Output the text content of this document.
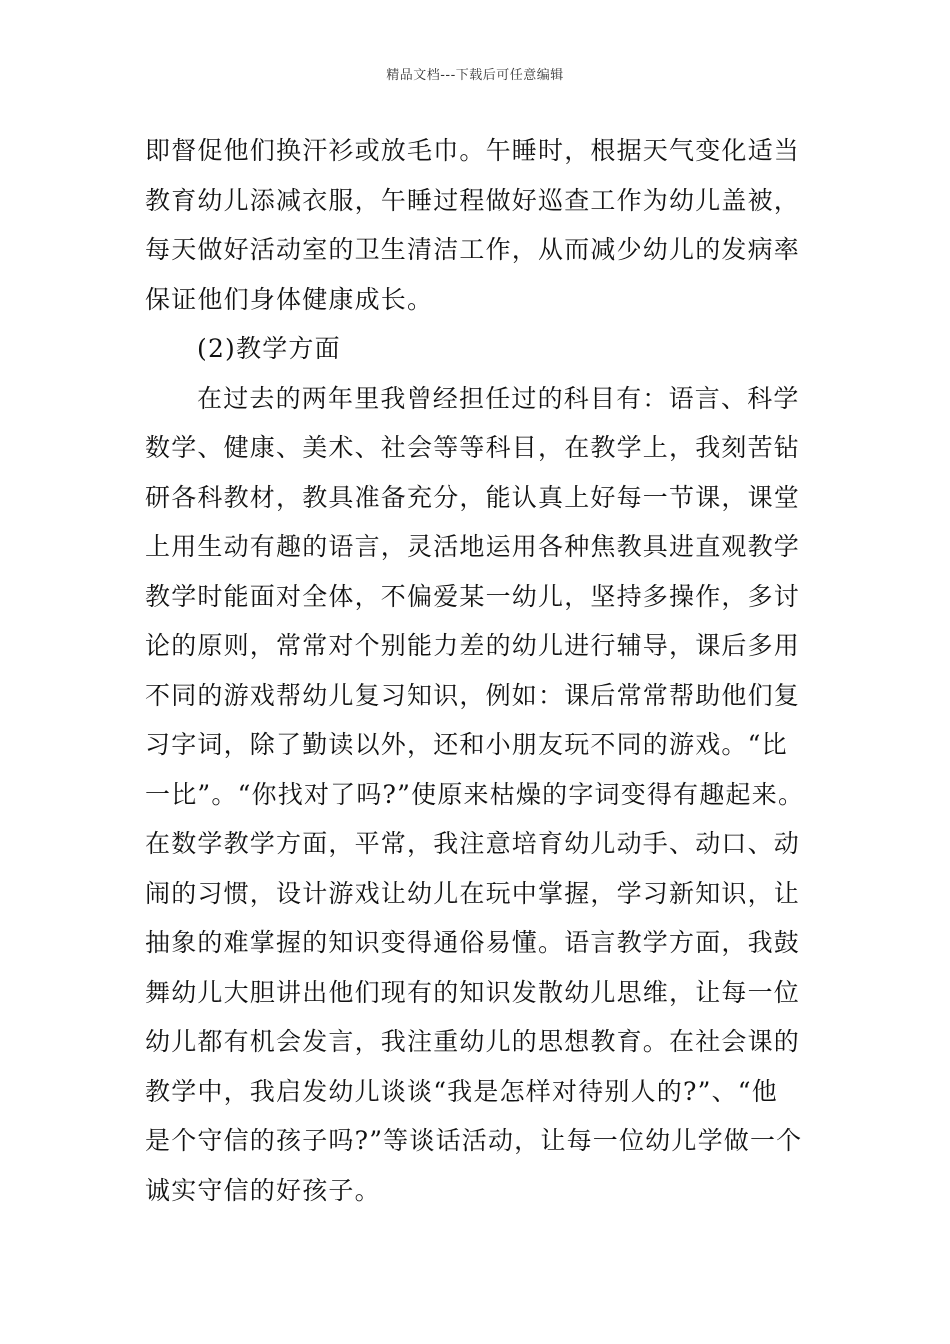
精品文档---下载后可任意编辑
即督促他们换汗衫或放毛巾。午睡时，根据天气变化适当
教育幼儿添减衣服，午睡过程做好巡查工作为幼儿盖被，
每天做好活动室的卫生清洁工作，从而减少幼儿的发病率
保证他们身体健康成长。
(2)教学方面
在过去的两年里我曾经担任过的科目有：语言、科学
数学、健康、美术、社会等等科目，在教学上，我刻苦钻
研各科教材，教具准备充分，能认真上好每一节课，课堂
上用生动有趣的语言，灵活地运用各种焦教具进直观教学
教学时能面对全体，不偏爱某一幼儿，坚持多操作，多讨
论的原则，常常对个别能力差的幼儿进行辅导，课后多用
不同的游戏帮幼儿复习知识，例如：课后常常帮助他们复
习字词，除了勤读以外，还和小朋友玩不同的游戏。“比
一比”。“你找对了吗?”使原来枯燥的字词变得有趣起来。
在数学教学方面，平常，我注意培育幼儿动手、动口、动
闹的习惯，设计游戏让幼儿在玩中掌握，学习新知识，让
抽象的难掌握的知识变得通俗易懂。语言教学方面，我鼓
舞幼儿大胆讲出他们现有的知识发散幼儿思维，让每一位
幼儿都有机会发言，我注重幼儿的思想教育。在社会课的
教学中，我启发幼儿谈谈“我是怎样对待别人的?”、“他
是个守信的孩子吗?”等谈话活动，让每一位幼儿学做一个
诚实守信的好孩子。
